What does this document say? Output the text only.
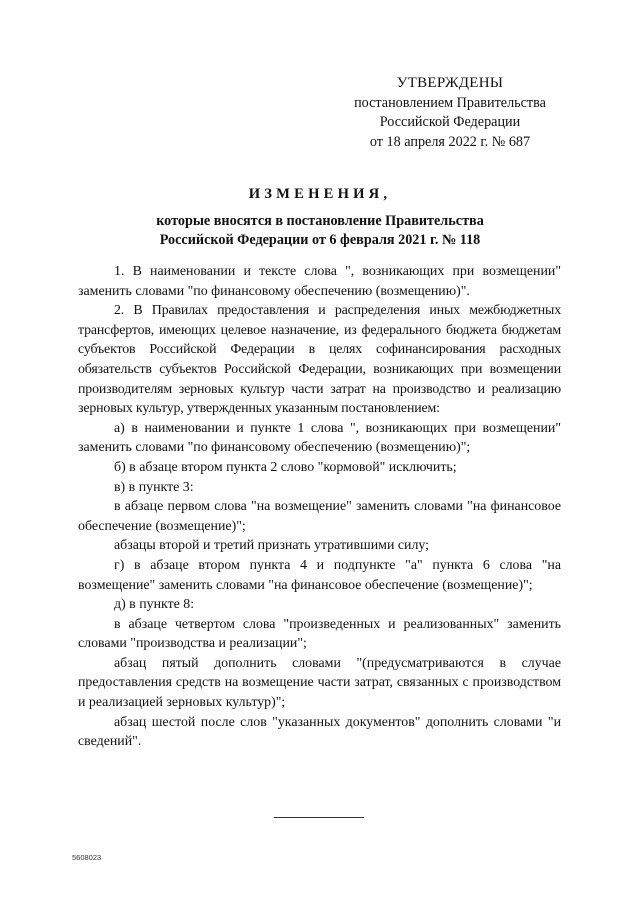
УТВЕРЖДЕНЫ
постановлением Правительства
Российской Федерации
от 18 апреля 2022 г. № 687
ИЗМЕНЕНИЯ,
которые вносятся в постановление Правительства
Российской Федерации от 6 февраля 2021 г. № 118

1. В наименовании и тексте слова ", возникающих при возмещении" заменить словами "по финансовому обеспечению (возмещению)".

2. В Правилах предоставления и распределения иных межбюджетных трансфертов, имеющих целевое назначение, из федерального бюджета бюджетам субъектов Российской Федерации в целях софинансирования расходных обязательств субъектов Российской Федерации, возникающих при возмещении производителям зерновых культур части затрат на производство и реализацию зерновых культур, утвержденных указанным постановлением:

а) в наименовании и пункте 1 слова ", возникающих при возмещении" заменить словами "по финансовому обеспечению (возмещению)";

б) в абзаце втором пункта 2 слово "кормовой" исключить;

в) в пункте 3:

в абзаце первом слова "на возмещение" заменить словами "на финансовое обеспечение (возмещение)";

абзацы второй и третий признать утратившими силу;

г) в абзаце втором пункта 4 и подпункте "а" пункта 6 слова "на возмещение" заменить словами "на финансовое обеспечение (возмещение)";

д) в пункте 8:

в абзаце четвертом слова "произведенных и реализованных" заменить словами "производства и реализации";

абзац пятый дополнить словами "(предусматриваются в случае предоставления средств на возмещение части затрат, связанных с производством и реализацией зерновых культур)";

абзац шестой после слов "указанных документов" дополнить словами "и сведений".

5608023
